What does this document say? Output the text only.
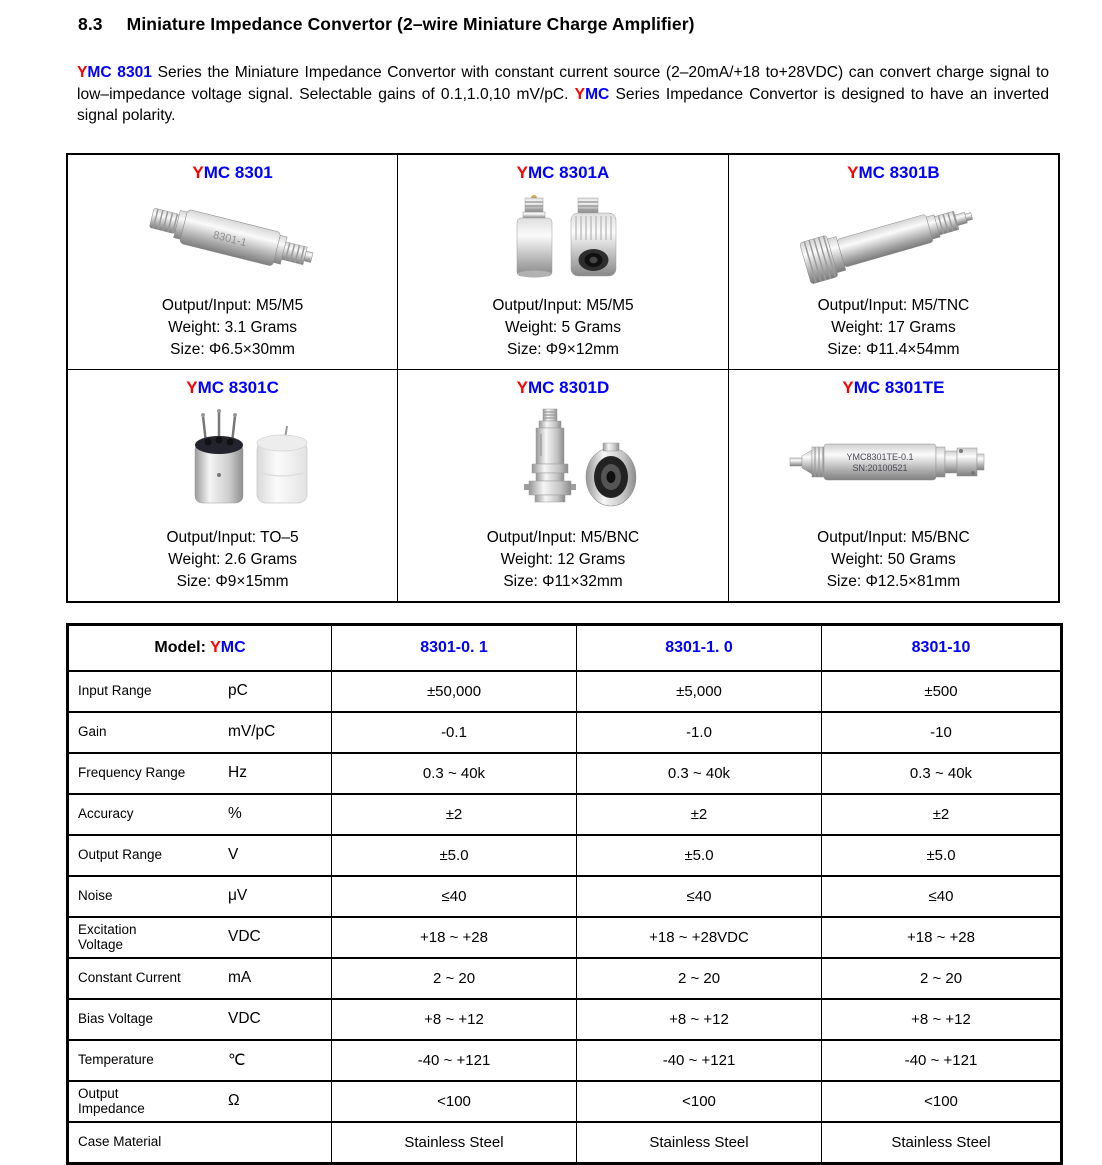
8.3 Miniature Impedance Convertor (2–wire Miniature Charge Amplifier)

YMC 8301 Series the Miniature Impedance Convertor with constant current source (2–20mA/+18 to+28VDC) can convert charge signal to low–impedance voltage signal. Selectable gains of 0.1,1.0,10 mV/pC. YMC Series Impedance Convertor is designed to have an inverted signal polarity.

YMC 8301
8301-1
Output/Input: M5/M5
Weight: 3.1 Grams
Size: Φ6.5×30mm

YMC 8301A
Output/Input: M5/M5
Weight: 5 Grams
Size: Φ9×12mm

YMC 8301B
Output/Input: M5/TNC
Weight: 17 Grams
Size: Φ11.4×54mm

YMC 8301C
Output/Input: TO–5
Weight: 2.6 Grams
Size: Φ9×15mm

YMC 8301D
Output/Input: M5/BNC
Weight: 12 Grams
Size: Φ11×32mm

YMC 8301TE
YMC8301TE-0.1
SN:20100521
Output/Input: M5/BNC
Weight: 50 Grams
Size: Φ12.5×81mm
Model: YMC	8301-0. 1	8301-1. 0	8301-10

Input Range pC	±50,000	±5,000	±500

Gain mV/pC	-0.1	-1.0	-10

Frequency Range Hz	0.3 ~ 40k	0.3 ~ 40k	0.3 ~ 40k

Accuracy %	±2	±2	±2

Output Range V	±5.0	±5.0	±5.0

Noise μV	≤40	≤40	≤40

Excitation Voltage VDC	+18 ~ +28	+18 ~ +28VDC	+18 ~ +28

Constant Current mA	2 ~ 20	2 ~ 20	2 ~ 20

Bias Voltage VDC	+8 ~ +12	+8 ~ +12	+8 ~ +12

Temperature ℃	-40 ~ +121	-40 ~ +121	-40 ~ +121

Output Impedance Ω	<100	<100	<100

Case Material	Stainless Steel	Stainless Steel	Stainless Steel
